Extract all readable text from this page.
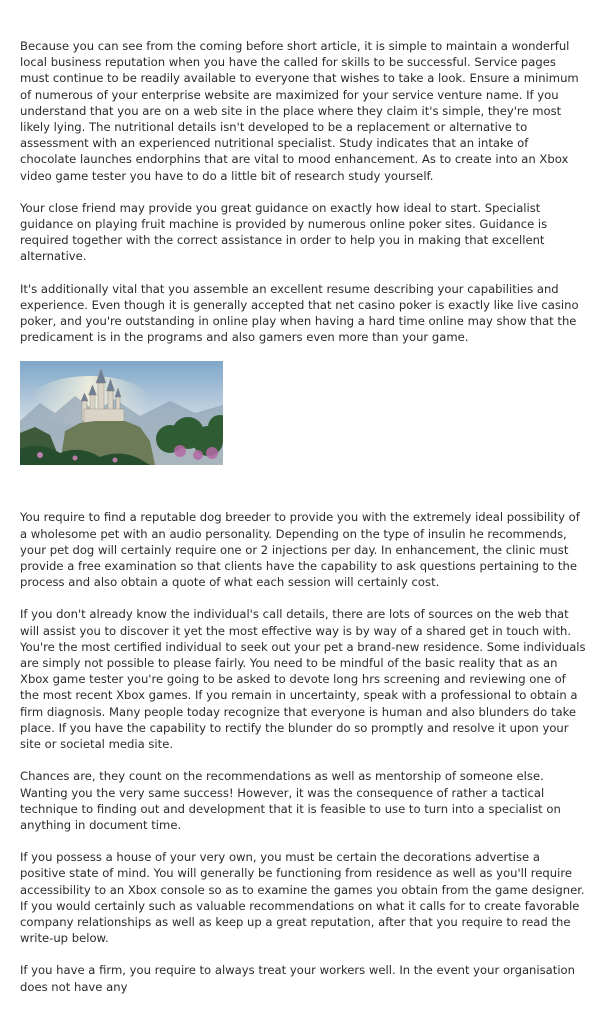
Because you can see from the coming before short article, it is simple to maintain a wonderful local business reputation when you have the called for skills to be successful. Service pages must continue to be readily available to everyone that wishes to take a look. Ensure a minimum of numerous of your enterprise website are maximized for your service venture name. If you understand that you are on a web site in the place where they claim it's simple, they're most likely lying. The nutritional details isn't developed to be a replacement or alternative to assessment with an experienced nutritional specialist. Study indicates that an intake of chocolate launches endorphins that are vital to mood enhancement. As to create into an Xbox video game tester you have to do a little bit of research study yourself.

Your close friend may provide you great guidance on exactly how ideal to start. Specialist guidance on playing fruit machine is provided by numerous online poker sites. Guidance is required together with the correct assistance in order to help you in making that excellent alternative.

It's additionally vital that you assemble an excellent resume describing your capabilities and experience. Even though it is generally accepted that net casino poker is exactly like live casino poker, and you're outstanding in online play when having a hard time online may show that the predicament is in the programs and also gamers even more than your game.

You require to find a reputable dog breeder to provide you with the extremely ideal possibility of a wholesome pet with an audio personality. Depending on the type of insulin he recommends, your pet dog will certainly require one or 2 injections per day. In enhancement, the clinic must provide a free examination so that clients have the capability to ask questions pertaining to the process and also obtain a quote of what each session will certainly cost.

If you don't already know the individual's call details, there are lots of sources on the web that will assist you to discover it yet the most effective way is by way of a shared get in touch with. You're the most certified individual to seek out your pet a brand-new residence. Some individuals are simply not possible to please fairly. You need to be mindful of the basic reality that as an Xbox game tester you're going to be asked to devote long hrs screening and reviewing one of the most recent Xbox games. If you remain in uncertainty, speak with a professional to obtain a firm diagnosis. Many people today recognize that everyone is human and also blunders do take place. If you have the capability to rectify the blunder do so promptly and resolve it upon your site or societal media site.

Chances are, they count on the recommendations as well as mentorship of someone else. Wanting you the very same success! However, it was the consequence of rather a tactical technique to finding out and development that it is feasible to use to turn into a specialist on anything in document time.

If you possess a house of your very own, you must be certain the decorations advertise a positive state of mind. You will generally be functioning from residence as well as you'll require accessibility to an Xbox console so as to examine the games you obtain from the game designer. If you would certainly such as valuable recommendations on what it calls for to create favorable company relationships as well as keep up a great reputation, after that you require to read the write-up below.

If you have a firm, you require to always treat your workers well. In the event your organisation does not have any
